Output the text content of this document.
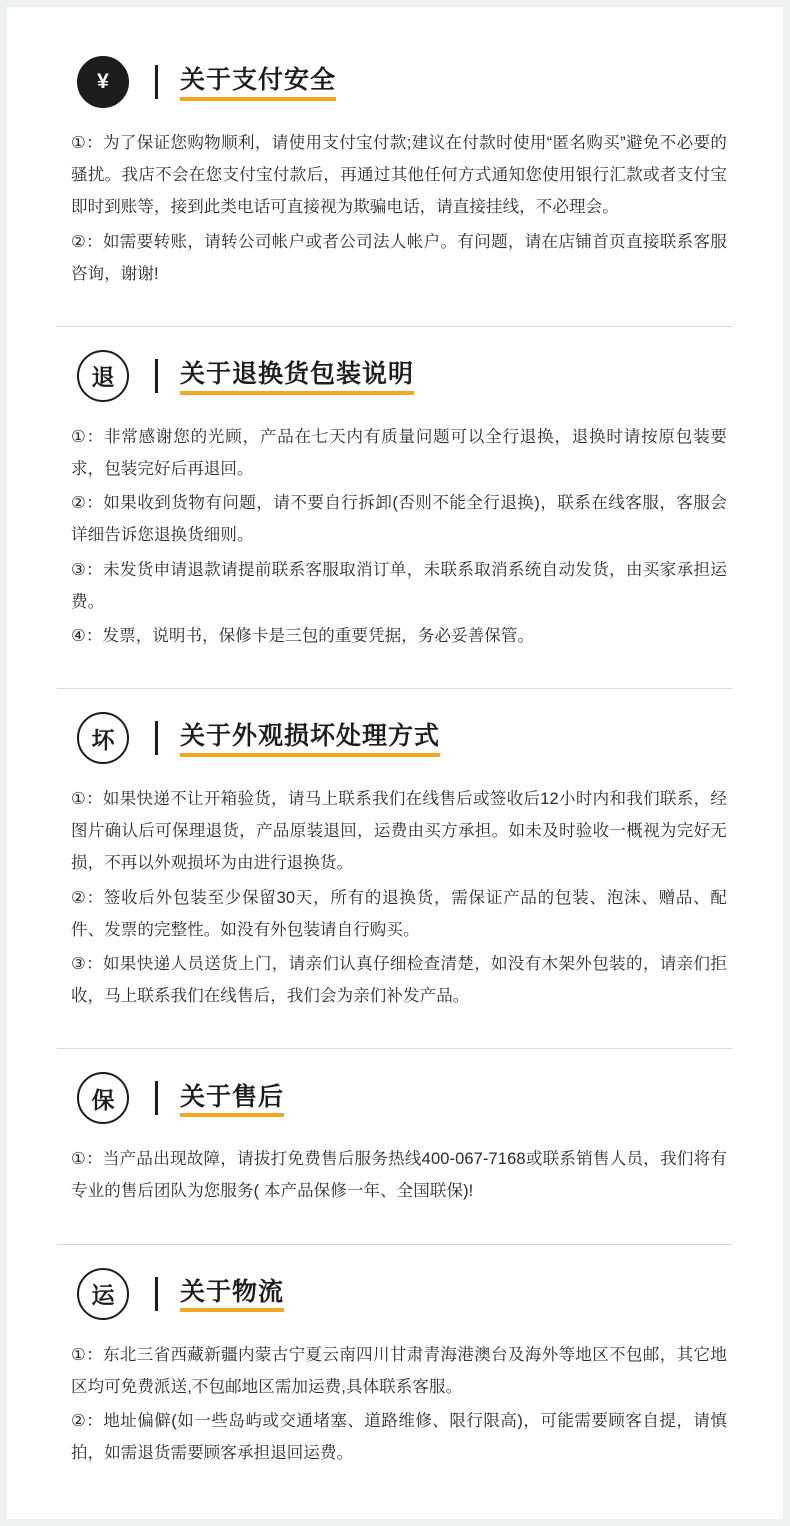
¥	关于支付安全
①：为了保证您购物顺利，请使用支付宝付款;建议在付款时使用“匿名购买”避免不必要的骚扰。我店不会在您支付宝付款后，再通过其他任何方式通知您使用银行汇款或者支付宝即时到账等，接到此类电话可直接视为欺骗电话，请直接挂线，不必理会。
②：如需要转账，请转公司帐户或者公司法人帐户。有问题，请在店铺首页直接联系客服咨询，谢谢!
退	关于退换货包装说明
①：非常感谢您的光顾，产品在七天内有质量问题可以全行退换，退换时请按原包装要求，包装完好后再退回。
②：如果收到货物有问题，请不要自行拆卸(否则不能全行退换)，联系在线客服，客服会详细告诉您退换货细则。
③：未发货申请退款请提前联系客服取消订单，未联系取消系统自动发货，由买家承担运费。
④：发票，说明书，保修卡是三包的重要凭据，务必妥善保管。
坏	关于外观损坏处理方式
①：如果快递不让开箱验货，请马上联系我们在线售后或签收后12小时内和我们联系，经图片确认后可保理退货，产品原装退回，运费由买方承担。如未及时验收一概视为完好无损，不再以外观损坏为由进行退换货。
②：签收后外包装至少保留30天，所有的退换货，需保证产品的包装、泡沫、赠品、配件、发票的完整性。如没有外包装请自行购买。
③：如果快递人员送货上门，请亲们认真仔细检查清楚，如没有木架外包装的，请亲们拒收，马上联系我们在线售后，我们会为亲们补发产品。
保	关于售后
①：当产品出现故障，请拔打免费售后服务热线400-067-7168或联系销售人员，我们将有专业的售后团队为您服务( 本产品保修一年、全国联保)!
运	关于物流
①：东北三省西藏新疆内蒙古宁夏云南四川甘肃青海港澳台及海外等地区不包邮，其它地区均可免费派送,不包邮地区需加运费,具体联系客服。
②：地址偏僻(如一些岛屿或交通堵塞、道路维修、限行限高)，可能需要顾客自提，请慎拍，如需退货需要顾客承担退回运费。
